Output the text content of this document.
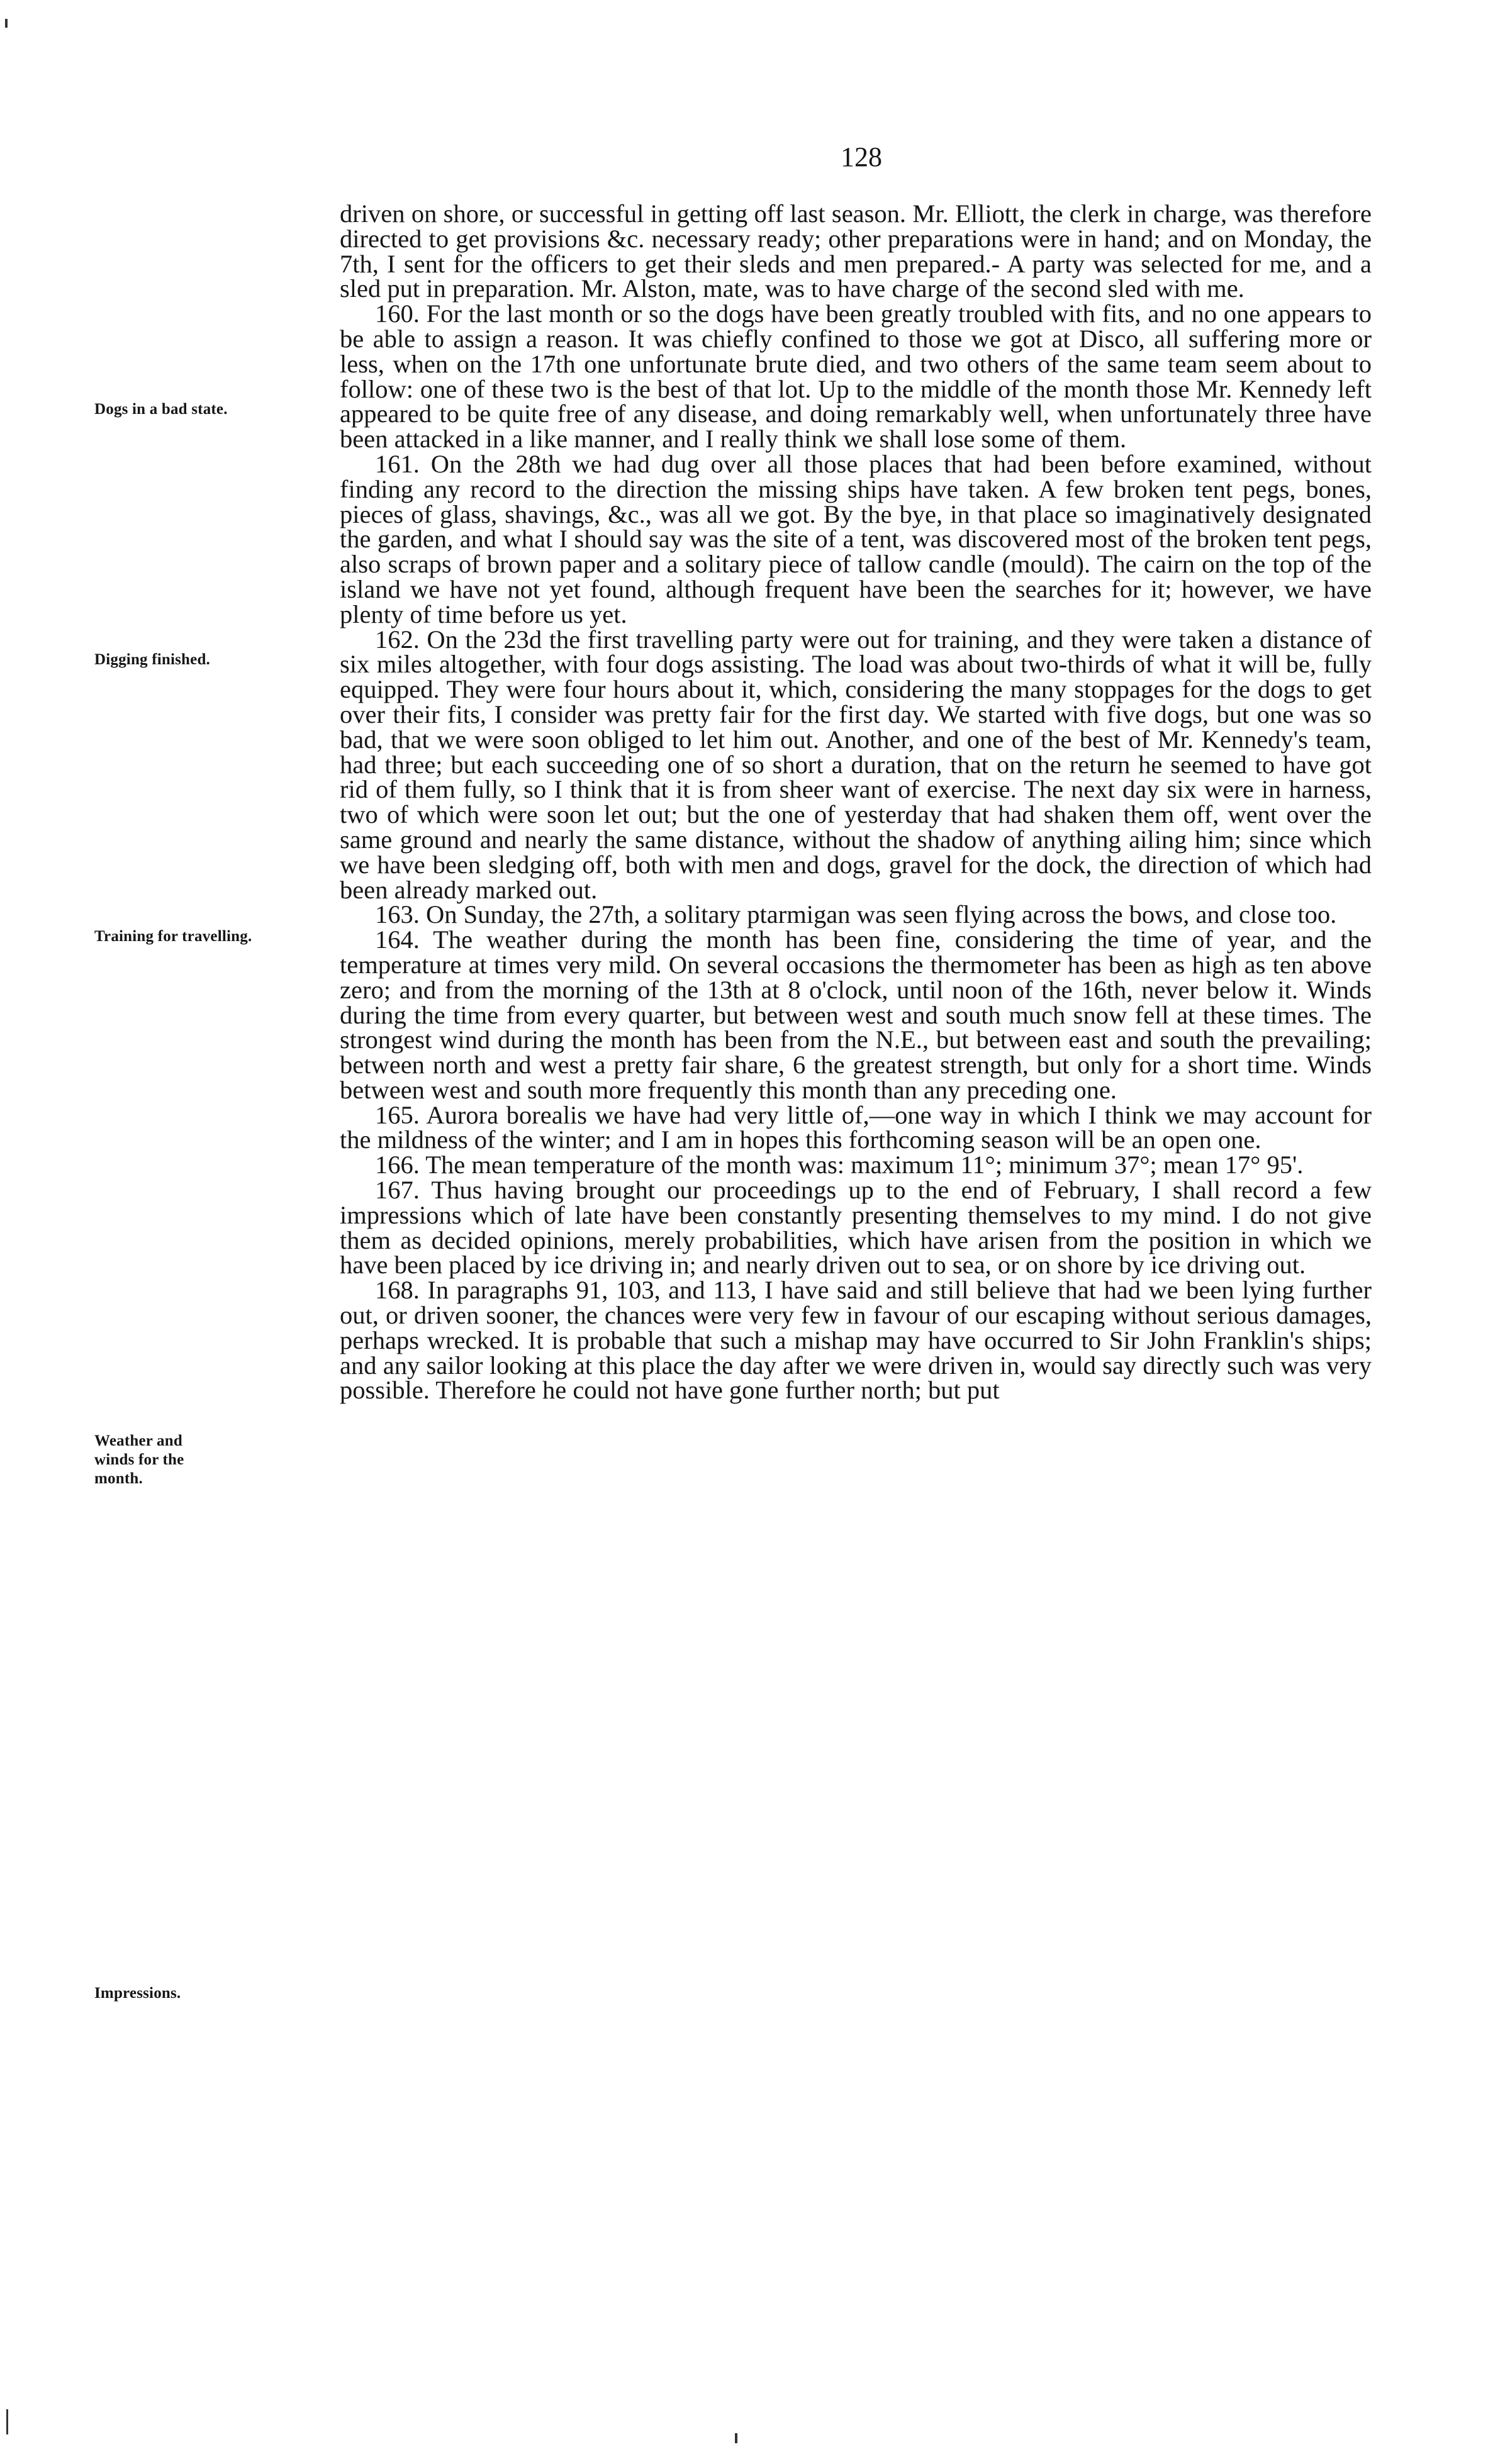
128
Dogs in a bad state.
Digging finished.
Training for travelling.
Weather and winds for the month.
Impressions.

driven on shore, or successful in getting off last season. Mr. Elliott, the clerk in charge, was therefore directed to get provisions &c. necessary ready; other preparations were in hand; and on Monday, the 7th, I sent for the officers to get their sleds and men prepared.- A party was selected for me, and a sled put in preparation. Mr. Alston, mate, was to have charge of the second sled with me.

160. For the last month or so the dogs have been greatly troubled with fits, and no one appears to be able to assign a reason. It was chiefly confined to those we got at Disco, all suffering more or less, when on the 17th one unfortunate brute died, and two others of the same team seem about to follow: one of these two is the best of that lot. Up to the middle of the month those Mr. Kennedy left appeared to be quite free of any disease, and doing remarkably well, when unfortunately three have been attacked in a like manner, and I really think we shall lose some of them.

161. On the 28th we had dug over all those places that had been before examined, without finding any record to the direction the missing ships have taken. A few broken tent pegs, bones, pieces of glass, shavings, &c., was all we got. By the bye, in that place so imaginatively designated the garden, and what I should say was the site of a tent, was discovered most of the broken tent pegs, also scraps of brown paper and a solitary piece of tallow candle (mould). The cairn on the top of the island we have not yet found, although frequent have been the searches for it; however, we have plenty of time before us yet.

162. On the 23d the first travelling party were out for training, and they were taken a distance of six miles altogether, with four dogs assisting. The load was about two-thirds of what it will be, fully equipped. They were four hours about it, which, considering the many stoppages for the dogs to get over their fits, I consider was pretty fair for the first day. We started with five dogs, but one was so bad, that we were soon obliged to let him out. Another, and one of the best of Mr. Kennedy's team, had three; but each succeeding one of so short a duration, that on the return he seemed to have got rid of them fully, so I think that it is from sheer want of exercise. The next day six were in harness, two of which were soon let out; but the one of yesterday that had shaken them off, went over the same ground and nearly the same distance, without the shadow of anything ailing him; since which we have been sledging off, both with men and dogs, gravel for the dock, the direction of which had been already marked out.

163. On Sunday, the 27th, a solitary ptarmigan was seen flying across the bows, and close too.

164. The weather during the month has been fine, considering the time of year, and the temperature at times very mild. On several occasions the thermometer has been as high as ten above zero; and from the morning of the 13th at 8 o'clock, until noon of the 16th, never below it. Winds during the time from every quarter, but between west and south much snow fell at these times. The strongest wind during the month has been from the N.E., but between east and south the prevailing; between north and west a pretty fair share, 6 the greatest strength, but only for a short time. Winds between west and south more frequently this month than any preceding one.

165. Aurora borealis we have had very little of,—one way in which I think we may account for the mildness of the winter; and I am in hopes this forthcoming season will be an open one.

166. The mean temperature of the month was: maximum 11°; minimum 37°; mean 17° 95'.

167. Thus having brought our proceedings up to the end of February, I shall record a few impressions which of late have been constantly presenting themselves to my mind. I do not give them as decided opinions, merely probabilities, which have arisen from the position in which we have been placed by ice driving in; and nearly driven out to sea, or on shore by ice driving out.

168. In paragraphs 91, 103, and 113, I have said and still believe that had we been lying further out, or driven sooner, the chances were very few in favour of our escaping without serious damages, perhaps wrecked. It is probable that such a mishap may have occurred to Sir John Franklin's ships; and any sailor looking at this place the day after we were driven in, would say directly such was very possible. Therefore he could not have gone further north; but put
